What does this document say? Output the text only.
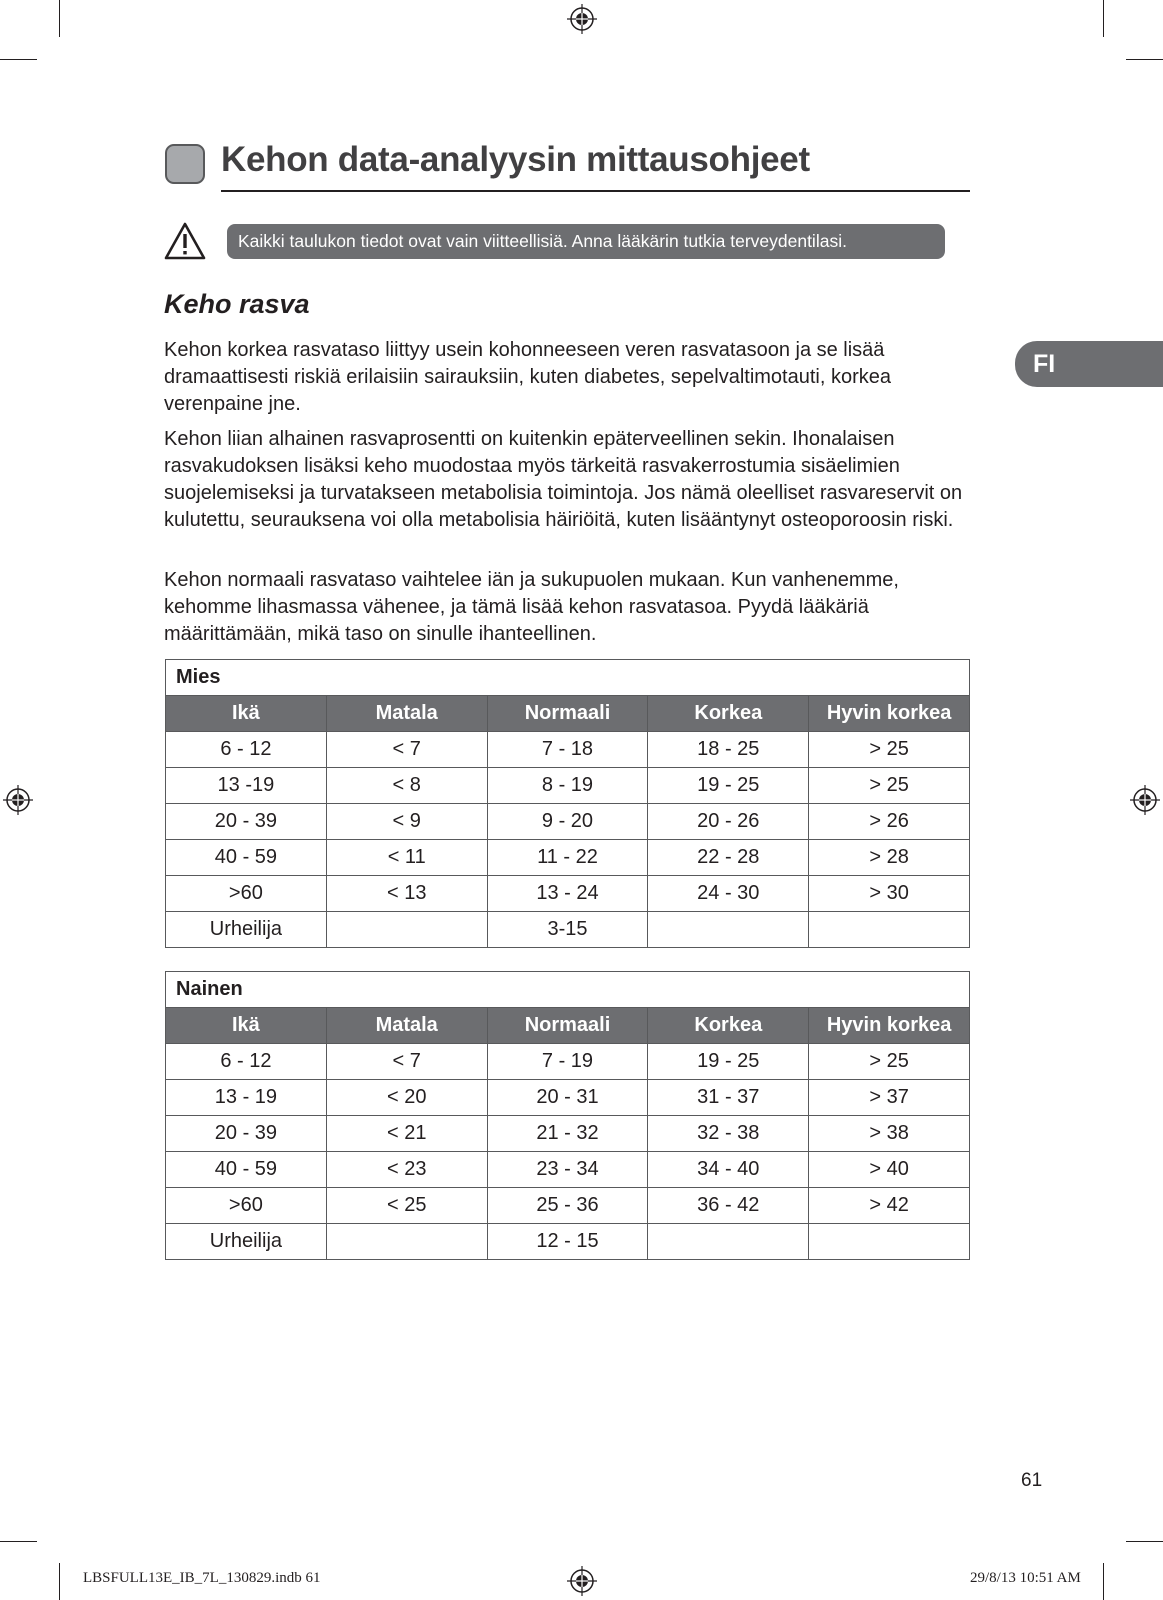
Kehon data-analyysin mittausohjeet
Kaikki taulukon tiedot ovat vain viitteellisiä. Anna lääkärin tutkia terveydentilasi.
Keho rasva
Kehon korkea rasvataso liittyy usein kohonneeseen veren rasvatasoon ja se lisää dramaattisesti riskiä erilaisiin sairauksiin, kuten diabetes, sepelvaltimotauti, korkea verenpaine jne.
Kehon liian alhainen rasvaprosentti on kuitenkin epäterveellinen sekin. Ihonalaisen rasvakudoksen lisäksi keho muodostaa myös tärkeitä rasvakerrostumia sisäelimien suojelemiseksi ja turvatakseen metabolisia toimintoja. Jos nämä oleelliset rasvareservit on kulutettu, seurauksena voi olla metabolisia häiriöitä, kuten lisääntynyt osteoporoosin riski.
Kehon normaali rasvataso vaihtelee iän ja sukupuolen mukaan. Kun vanhenemme, kehomme lihasmassa vähenee, ja tämä lisää kehon rasvatasoa. Pyydä lääkäriä määrittämään, mikä taso on sinulle ihanteellinen.
FI
Mies				
Ikä	Matala	Normaali	Korkea	Hyvin korkea
6 - 12	< 7	7 - 18	18 - 25	> 25
13 -19	< 8	8 - 19	19 - 25	> 25
20 - 39	< 9	9 - 20	20 - 26	> 26
40 - 59	< 11	11 - 22	22 - 28	> 28
>60	< 13	13 - 24	24 - 30	> 30
Urheilija		3-15		
Nainen				
Ikä	Matala	Normaali	Korkea	Hyvin korkea
6 - 12	< 7	7 - 19	19 - 25	> 25
13 - 19	< 20	20 - 31	31 - 37	> 37
20 - 39	< 21	21 - 32	32 - 38	> 38
40 - 59	< 23	23 - 34	34 - 40	> 40
>60	< 25	25 - 36	36 - 42	> 42
Urheilija		12 - 15		
61
LBSFULL13E_IB_7L_130829.indb 61	29/8/13 10:51 AM
